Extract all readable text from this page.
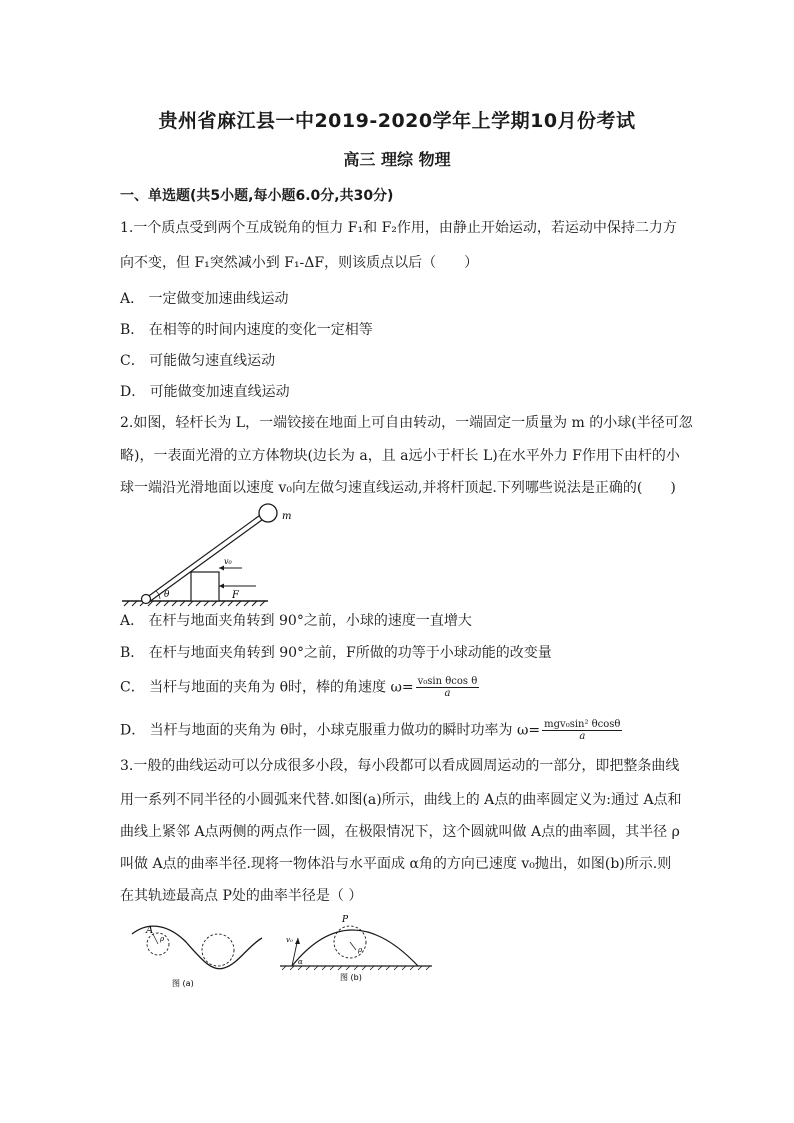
贵州省麻江县一中2019-2020学年上学期10月份考试
高三 理综 物理
一、单选题(共5小题,每小题6.0分,共30分)
1.一个质点受到两个互成锐角的恒力 F₁和 F₂作用，由静止开始运动，若运动中保持二力方
向不变，但 F₁突然减小到 F₁-ΔF，则该质点以后（　　）
A． 一定做变加速曲线运动
B． 在相等的时间内速度的变化一定相等
C． 可能做匀速直线运动
D． 可能做变加速直线运动
2.如图，轻杆长为 L，一端铰接在地面上可自由转动，一端固定一质量为 m 的小球(半径可忽
略)，一表面光滑的立方体物块(边长为 a，且 a远小于杆长 L)在水平外力 F作用下由杆的小
球一端沿光滑地面以速度 v₀向左做匀速直线运动,并将杆顶起.下列哪些说法是正确的(　　)
m
v₀
F
θ
A． 在杆与地面夹角转到 90°之前，小球的速度一直增大
B． 在杆与地面夹角转到 90°之前，F所做的功等于小球动能的改变量
C． 当杆与地面的夹角为 θ时，棒的角速度 $\omega= \frac{\text{v₀sin θcos θ}}{a}$
D． 当杆与地面的夹角为 θ时，小球克服重力做功的瞬时功率为 $\omega= \frac{\text{mgv₀sin² θcosθ}}{a}$
3.一般的曲线运动可以分成很多小段，每小段都可以看成圆周运动的一部分，即把整条曲线
用一系列不同半径的小圆弧来代替.如图(a)所示，曲线上的 A点的曲率圆定义为:通过 A点和
曲线上紧邻 A点两侧的两点作一圆，在极限情况下，这个圆就叫做 A点的曲率圆，其半径 ρ
叫做 A点的曲率半径.现将一物体沿与水平面成 α角的方向已速度 v₀抛出，如图(b)所示.则
在其轨迹最高点 P处的曲率半径是（ ）
A
ρ
图 (a)
ρ
P
v₀
α
图 (b)
